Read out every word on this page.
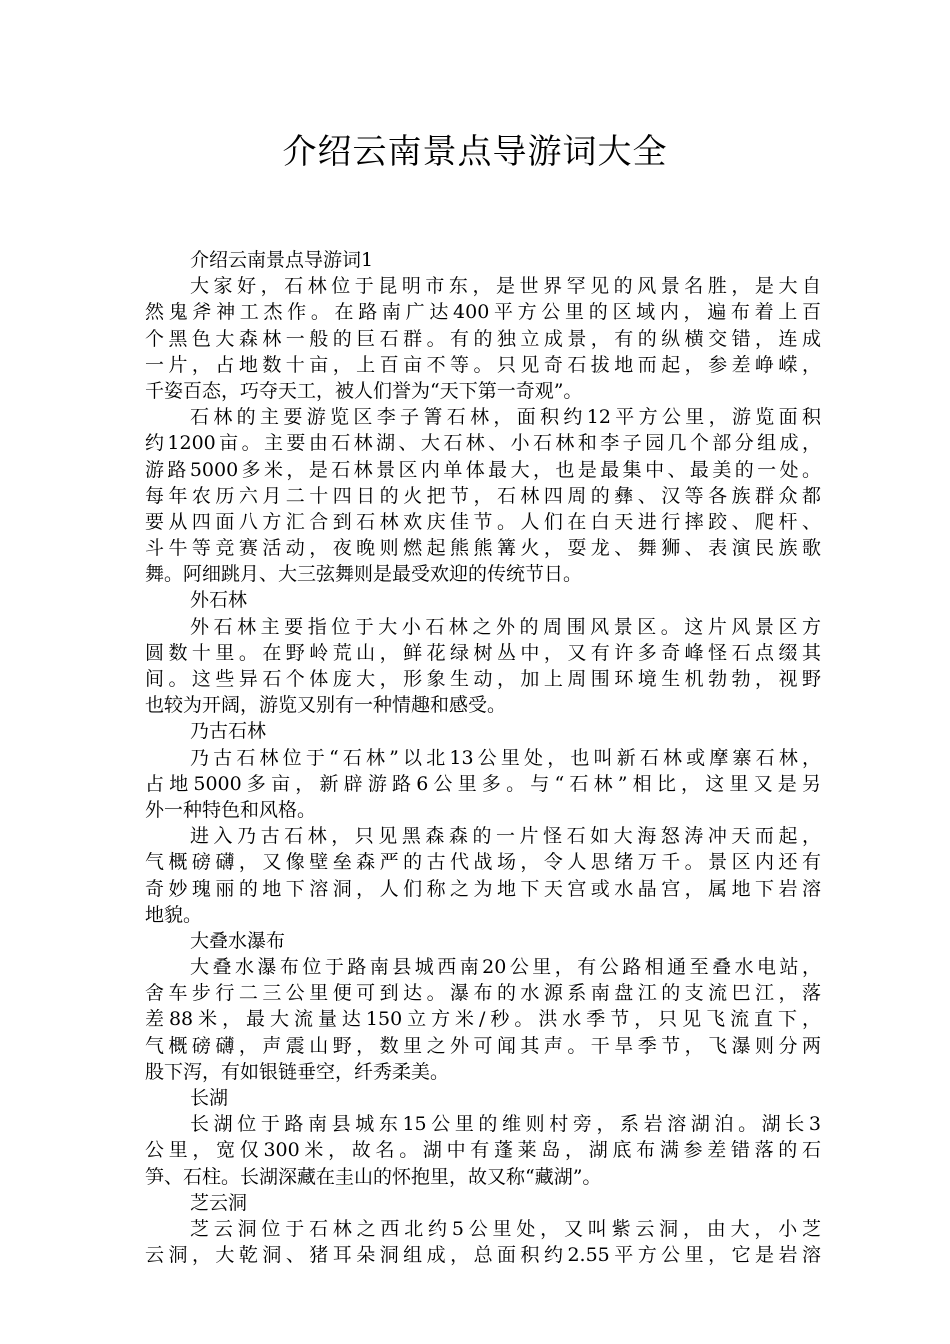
介绍云南景点导游词大全
介绍云南景点导游词1
大家好，石林位于昆明市东，是世界罕见的风景名胜，是大自
然鬼斧神工杰作。在路南广达400平方公里的区域内，遍布着上百
个黑色大森林一般的巨石群。有的独立成景，有的纵横交错，连成
一片，占地数十亩，上百亩不等。只见奇石拔地而起，参差峥嵘，
千姿百态，巧夺天工，被人们誉为“天下第一奇观”。
石林的主要游览区李子箐石林，面积约12平方公里，游览面积
约1200亩。主要由石林湖、大石林、小石林和李子园几个部分组成，
游路5000多米，是石林景区内单体最大，也是最集中、最美的一处。
每年农历六月二十四日的火把节，石林四周的彝、汉等各族群众都
要从四面八方汇合到石林欢庆佳节。人们在白天进行摔跤、爬杆、
斗牛等竞赛活动，夜晚则燃起熊熊篝火，耍龙、舞狮、表演民族歌
舞。阿细跳月、大三弦舞则是最受欢迎的传统节日。
外石林
外石林主要指位于大小石林之外的周围风景区。这片风景区方
圆数十里。在野岭荒山，鲜花绿树丛中，又有许多奇峰怪石点缀其
间。这些异石个体庞大，形象生动，加上周围环境生机勃勃，视野
也较为开阔，游览又别有一种情趣和感受。
乃古石林
乃古石林位于“石林”以北13公里处，也叫新石林或摩寨石林，
占地5000多亩，新辟游路6公里多。与“石林”相比，这里又是另
外一种特色和风格。
进入乃古石林，只见黑森森的一片怪石如大海怒涛冲天而起，
气概磅礴，又像壁垒森严的古代战场，令人思绪万千。景区内还有
奇妙瑰丽的地下溶洞，人们称之为地下天宫或水晶宫，属地下岩溶
地貌。
大叠水瀑布
大叠水瀑布位于路南县城西南20公里，有公路相通至叠水电站，
舍车步行二三公里便可到达。瀑布的水源系南盘江的支流巴江，落
差88米，最大流量达150立方米/秒。洪水季节，只见飞流直下，
气概磅礴，声震山野，数里之外可闻其声。干旱季节，飞瀑则分两
股下泻，有如银链垂空，纤秀柔美。
长湖
长湖位于路南县城东15公里的维则村旁，系岩溶湖泊。湖长3
公里，宽仅300米，故名。湖中有蓬莱岛，湖底布满参差错落的石
笋、石柱。长湖深藏在圭山的怀抱里，故又称“藏湖”。
芝云洞
芝云洞位于石林之西北约5公里处，又叫紫云洞，由大，小芝
云洞，大乾洞、猪耳朵洞组成，总面积约2.55平方公里，它是岩溶
